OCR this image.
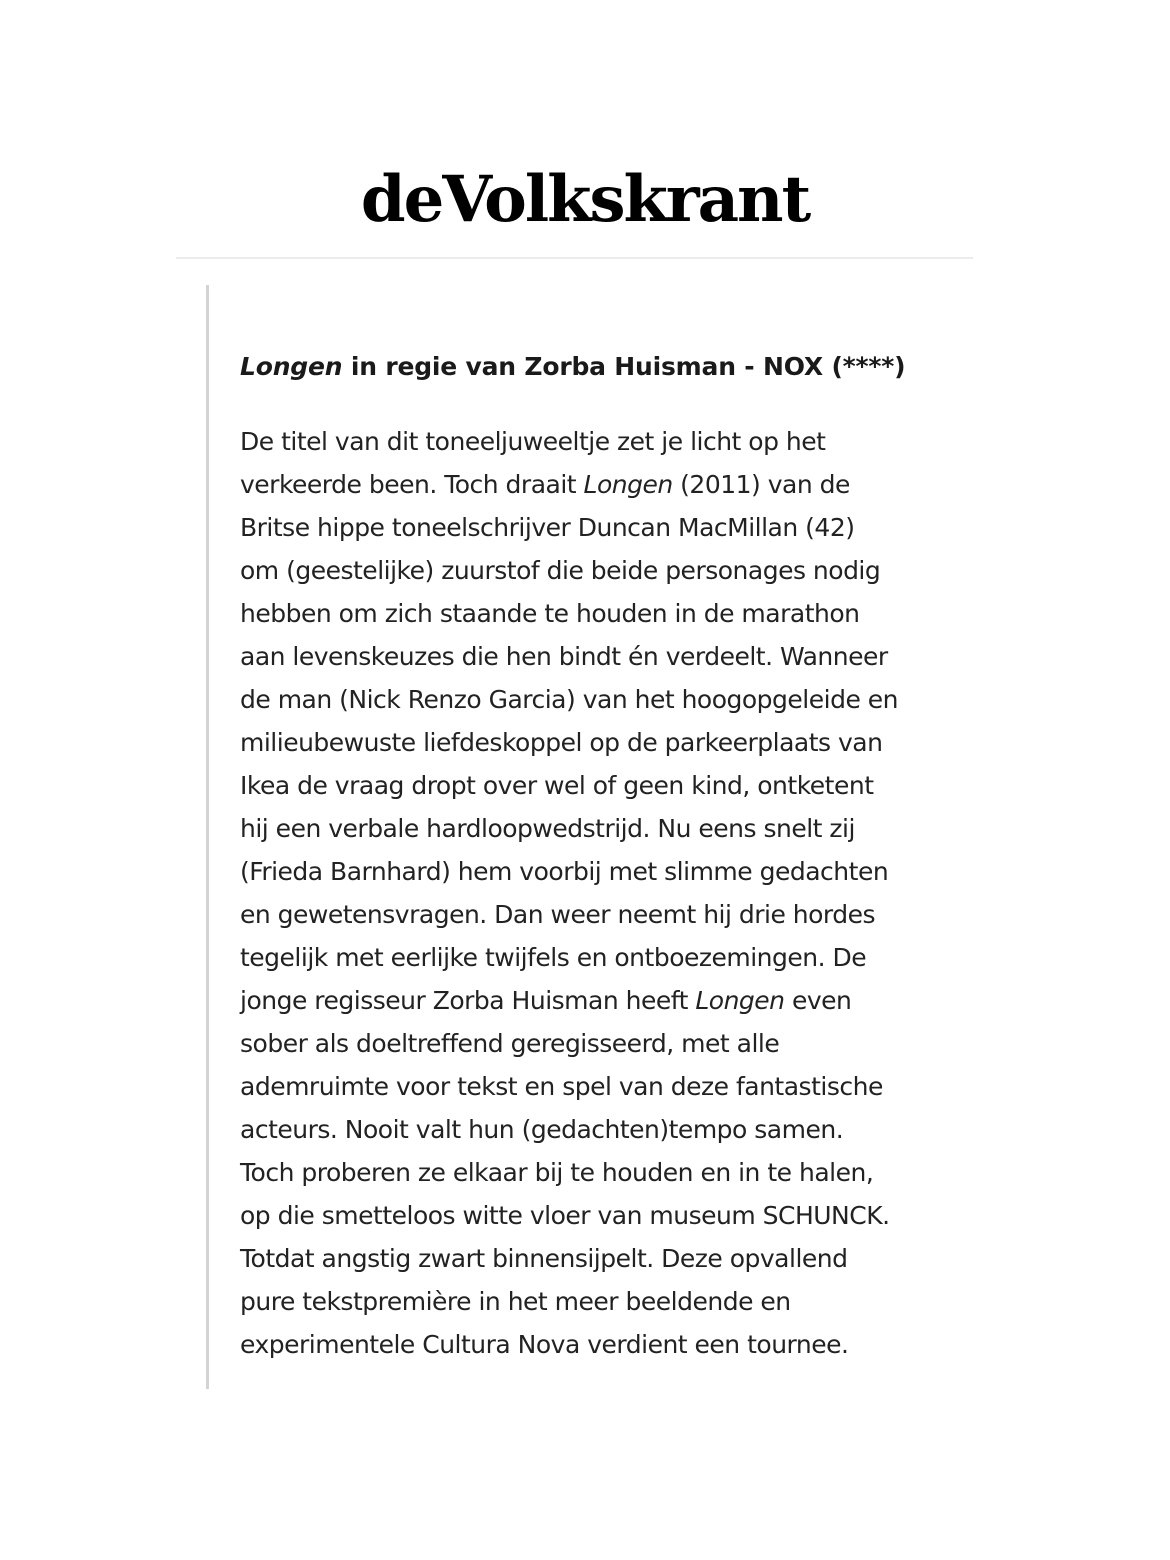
deVolkskrant
Longen in regie van Zorba Huisman - NOX (****)
De titel van dit toneeljuweeltje zet je licht op het
verkeerde been. Toch draait Longen (2011) van de
Britse hippe toneelschrijver Duncan MacMillan (42)
om (geestelijke) zuurstof die beide personages nodig
hebben om zich staande te houden in de marathon
aan levenskeuzes die hen bindt én verdeelt. Wanneer
de man (Nick Renzo Garcia) van het hoogopgeleide en
milieubewuste liefdeskoppel op de parkeerplaats van
Ikea de vraag dropt over wel of geen kind, ontketent
hij een verbale hardloopwedstrijd. Nu eens snelt zij
(Frieda Barnhard) hem voorbij met slimme gedachten
en gewetensvragen. Dan weer neemt hij drie hordes
tegelijk met eerlijke twijfels en ontboezemingen. De
jonge regisseur Zorba Huisman heeft Longen even
sober als doeltreffend geregisseerd, met alle
ademruimte voor tekst en spel van deze fantastische
acteurs. Nooit valt hun (gedachten)tempo samen.
Toch proberen ze elkaar bij te houden en in te halen,
op die smetteloos witte vloer van museum SCHUNCK.
Totdat angstig zwart binnensijpelt. Deze opvallend
pure tekstpremière in het meer beeldende en
experimentele Cultura Nova verdient een tournee.
